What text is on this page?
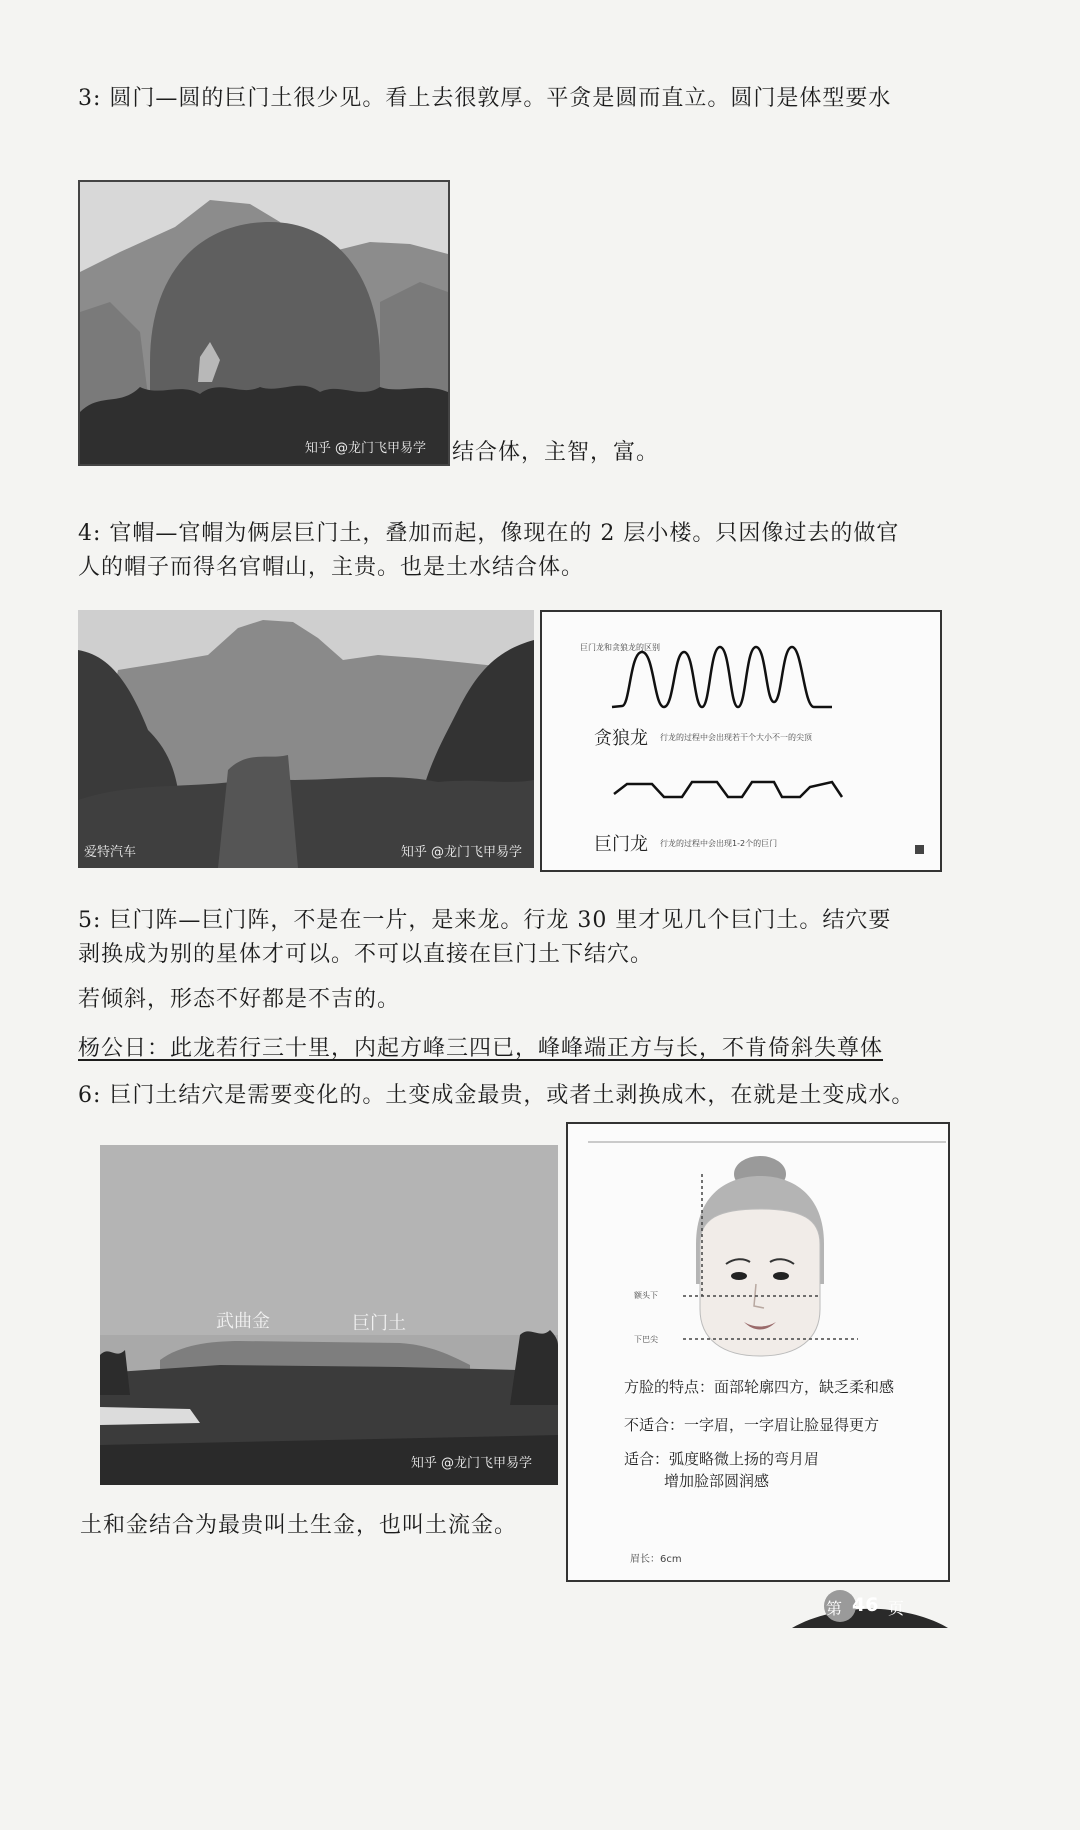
3: 圆门—圆的巨门土很少见。看上去很敦厚。平贪是圆而直立。圆门是体型要水
知乎 @龙门飞甲易学 结合体，主智，富。
4: 官帽—官帽为俩层巨门土，叠加而起，像现在的 2 层小楼。只因像过去的做官
人的帽子而得名官帽山，主贵。也是土水结合体。
爱特汽车	知乎 @龙门飞甲易学
巨门龙和贪狼龙的区别
贪狼龙 行龙的过程中会出现若干个大小不一的尖顶
巨门龙 行龙的过程中会出现1-2个的巨门
5: 巨门阵—巨门阵，不是在一片，是来龙。行龙 30 里才见几个巨门土。结穴要
剥换成为别的星体才可以。不可以直接在巨门土下结穴。
若倾斜，形态不好都是不吉的。
杨公日：此龙若行三十里，内起方峰三四已，峰峰端正方与长，不肯倚斜失尊体
6: 巨门土结穴是需要变化的。土变成金最贵，或者土剥换成木，在就是土变成水。
武曲金	巨门土
知乎 @龙门飞甲易学
额头下
下巴尖
方脸的特点：面部轮廓四方，缺乏柔和感
不适合：一字眉，一字眉让脸显得更方
适合：弧度略微上扬的弯月眉
增加脸部圆润感
眉长：6cm
土和金结合为最贵叫土生金，也叫土流金。
第 46 页
